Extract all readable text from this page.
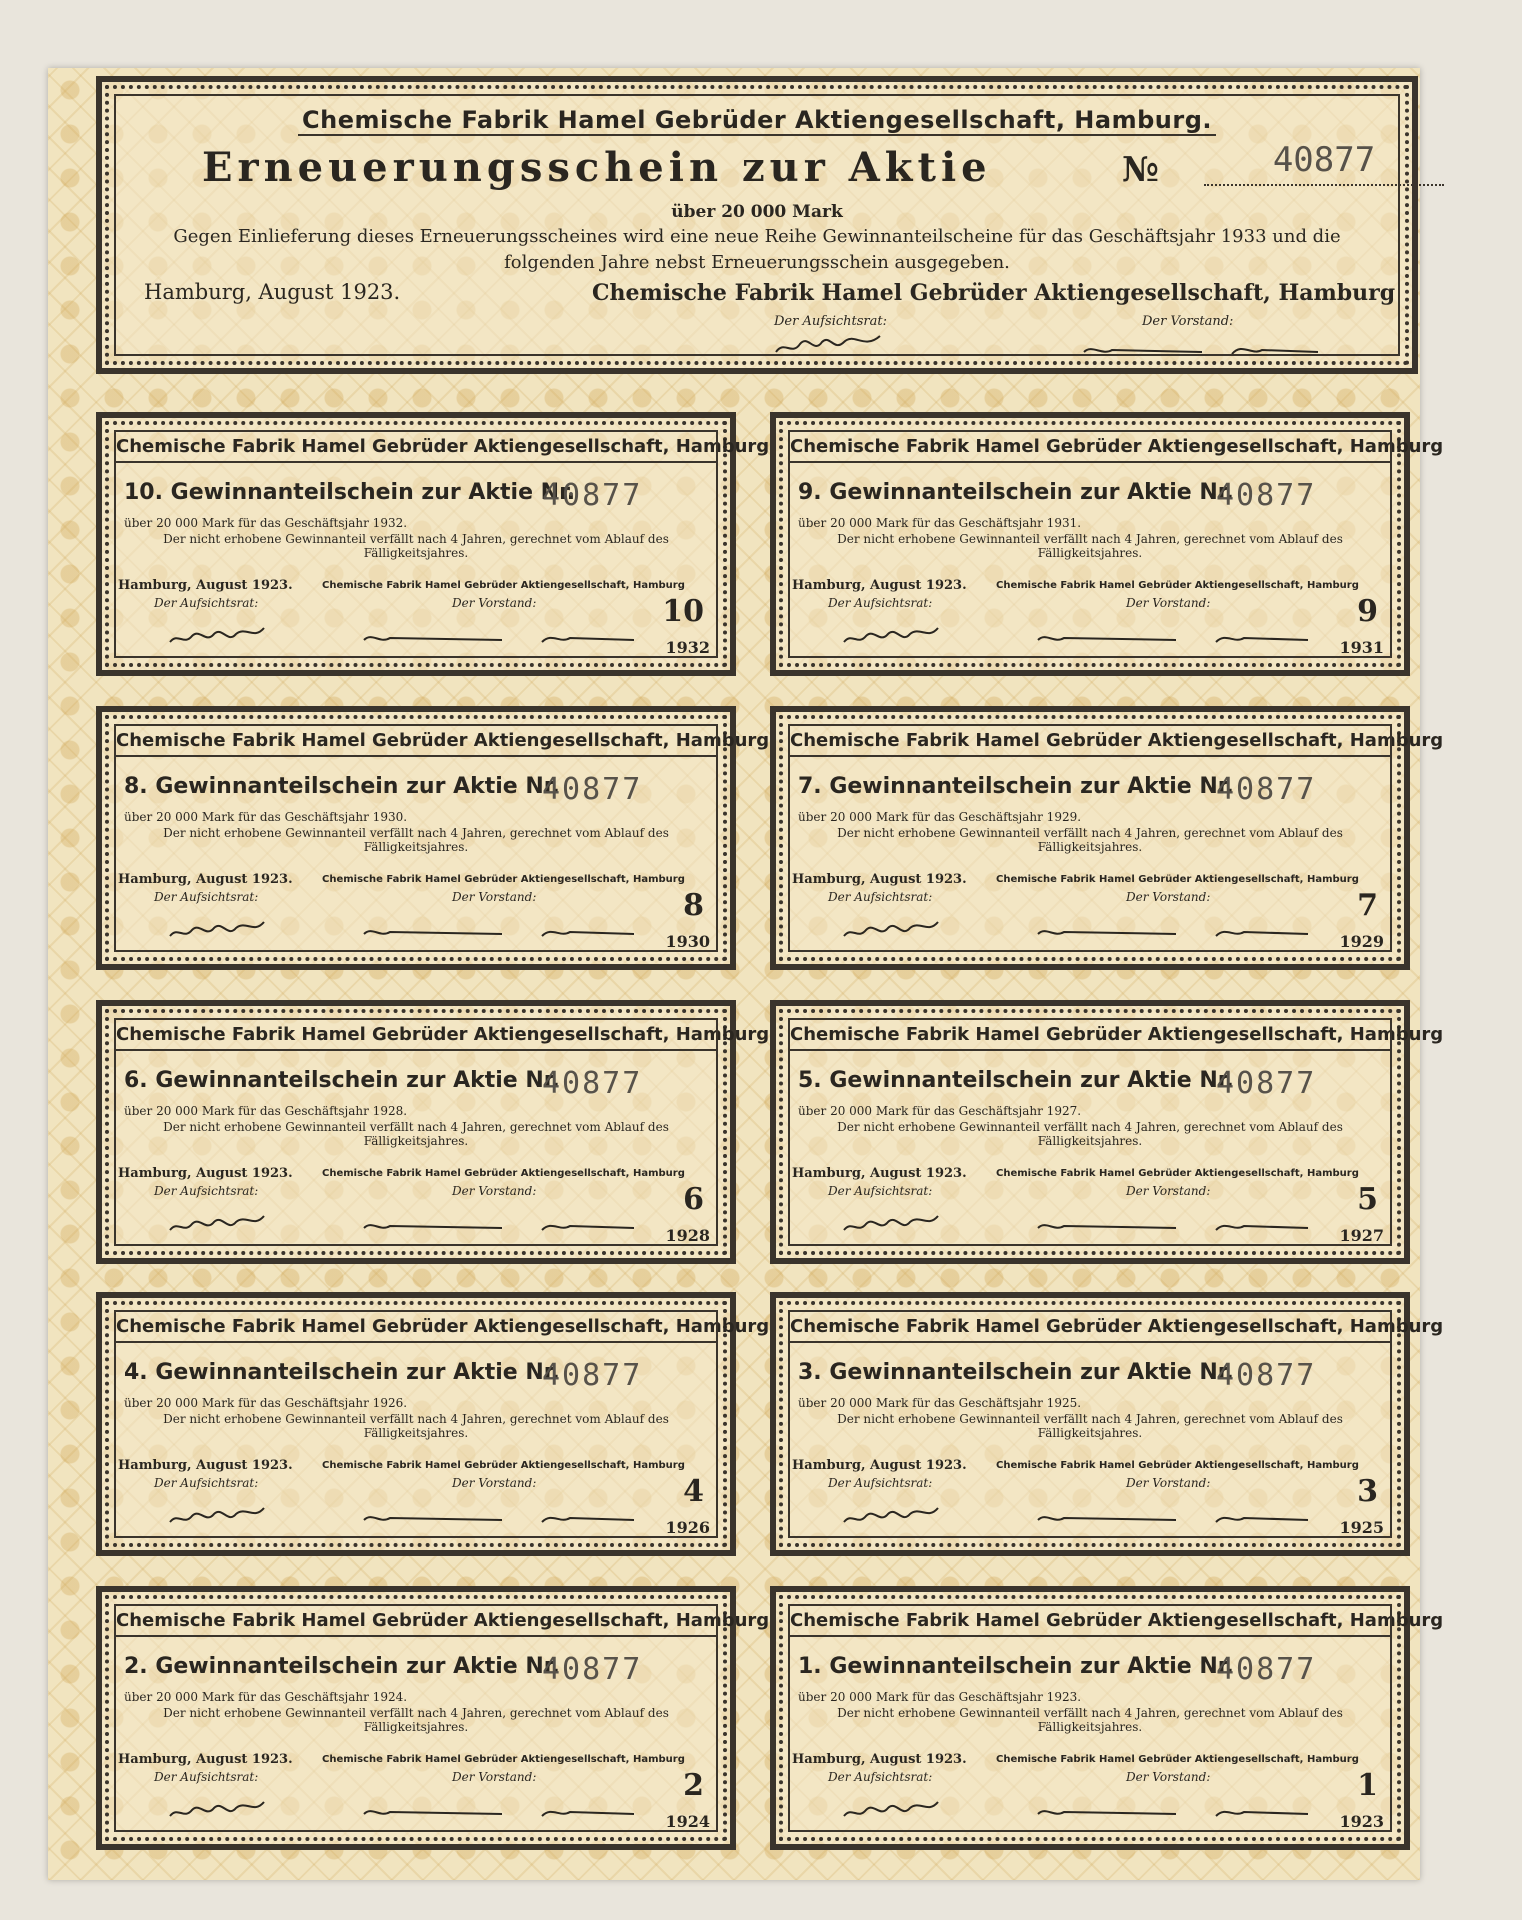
Chemische Fabrik Hamel Gebrüder Aktiengesellschaft, Hamburg.
Erneuerungsschein zur Aktie	№	40877
über 20 000 Mark
Gegen Einlieferung dieses Erneuerungsscheines wird eine neue Reihe Gewinnanteilscheine für das Geschäftsjahr 1933 und die folgenden Jahre nebst Erneuerungsschein ausgegeben.
Hamburg, August 1923.	Chemische Fabrik Hamel Gebrüder Aktiengesellschaft, Hamburg
Der Aufsichtsrat:	Der Vorstand:
Chemische Fabrik Hamel Gebrüder Aktiengesellschaft, Hamburg
10. Gewinnanteilschein zur Aktie Nr.
40877
über 20 000 Mark für das Geschäftsjahr 1932.
Der nicht erhobene Gewinnanteil verfällt nach 4 Jahren, gerechnet vom Ablauf des Fälligkeitsjahres.
Hamburg, August 1923.	Chemische Fabrik Hamel Gebrüder Aktiengesellschaft, Hamburg
Der Aufsichtsrat:	Der Vorstand:	10
1932
Chemische Fabrik Hamel Gebrüder Aktiengesellschaft, Hamburg
9. Gewinnanteilschein zur Aktie Nr.
40877
über 20 000 Mark für das Geschäftsjahr 1931.
Der nicht erhobene Gewinnanteil verfällt nach 4 Jahren, gerechnet vom Ablauf des Fälligkeitsjahres.
Hamburg, August 1923.	Chemische Fabrik Hamel Gebrüder Aktiengesellschaft, Hamburg
Der Aufsichtsrat:	Der Vorstand:	9
1931
Chemische Fabrik Hamel Gebrüder Aktiengesellschaft, Hamburg
8. Gewinnanteilschein zur Aktie Nr.
40877
über 20 000 Mark für das Geschäftsjahr 1930.
Der nicht erhobene Gewinnanteil verfällt nach 4 Jahren, gerechnet vom Ablauf des Fälligkeitsjahres.
Hamburg, August 1923.	Chemische Fabrik Hamel Gebrüder Aktiengesellschaft, Hamburg
Der Aufsichtsrat:	Der Vorstand:	8
1930
Chemische Fabrik Hamel Gebrüder Aktiengesellschaft, Hamburg
7. Gewinnanteilschein zur Aktie Nr.
40877
über 20 000 Mark für das Geschäftsjahr 1929.
Der nicht erhobene Gewinnanteil verfällt nach 4 Jahren, gerechnet vom Ablauf des Fälligkeitsjahres.
Hamburg, August 1923.	Chemische Fabrik Hamel Gebrüder Aktiengesellschaft, Hamburg
Der Aufsichtsrat:	Der Vorstand:	7
1929
Chemische Fabrik Hamel Gebrüder Aktiengesellschaft, Hamburg
6. Gewinnanteilschein zur Aktie Nr.
40877
über 20 000 Mark für das Geschäftsjahr 1928.
Der nicht erhobene Gewinnanteil verfällt nach 4 Jahren, gerechnet vom Ablauf des Fälligkeitsjahres.
Hamburg, August 1923.	Chemische Fabrik Hamel Gebrüder Aktiengesellschaft, Hamburg
Der Aufsichtsrat:	Der Vorstand:	6
1928
Chemische Fabrik Hamel Gebrüder Aktiengesellschaft, Hamburg
5. Gewinnanteilschein zur Aktie Nr.
40877
über 20 000 Mark für das Geschäftsjahr 1927.
Der nicht erhobene Gewinnanteil verfällt nach 4 Jahren, gerechnet vom Ablauf des Fälligkeitsjahres.
Hamburg, August 1923.	Chemische Fabrik Hamel Gebrüder Aktiengesellschaft, Hamburg
Der Aufsichtsrat:	Der Vorstand:	5
1927
Chemische Fabrik Hamel Gebrüder Aktiengesellschaft, Hamburg
4. Gewinnanteilschein zur Aktie Nr.
40877
über 20 000 Mark für das Geschäftsjahr 1926.
Der nicht erhobene Gewinnanteil verfällt nach 4 Jahren, gerechnet vom Ablauf des Fälligkeitsjahres.
Hamburg, August 1923.	Chemische Fabrik Hamel Gebrüder Aktiengesellschaft, Hamburg
Der Aufsichtsrat:	Der Vorstand:	4
1926
Chemische Fabrik Hamel Gebrüder Aktiengesellschaft, Hamburg
3. Gewinnanteilschein zur Aktie Nr.
40877
über 20 000 Mark für das Geschäftsjahr 1925.
Der nicht erhobene Gewinnanteil verfällt nach 4 Jahren, gerechnet vom Ablauf des Fälligkeitsjahres.
Hamburg, August 1923.	Chemische Fabrik Hamel Gebrüder Aktiengesellschaft, Hamburg
Der Aufsichtsrat:	Der Vorstand:	3
1925
Chemische Fabrik Hamel Gebrüder Aktiengesellschaft, Hamburg
2. Gewinnanteilschein zur Aktie Nr.
40877
über 20 000 Mark für das Geschäftsjahr 1924.
Der nicht erhobene Gewinnanteil verfällt nach 4 Jahren, gerechnet vom Ablauf des Fälligkeitsjahres.
Hamburg, August 1923.	Chemische Fabrik Hamel Gebrüder Aktiengesellschaft, Hamburg
Der Aufsichtsrat:	Der Vorstand:	2
1924
Chemische Fabrik Hamel Gebrüder Aktiengesellschaft, Hamburg
1. Gewinnanteilschein zur Aktie Nr.
40877
über 20 000 Mark für das Geschäftsjahr 1923.
Der nicht erhobene Gewinnanteil verfällt nach 4 Jahren, gerechnet vom Ablauf des Fälligkeitsjahres.
Hamburg, August 1923.	Chemische Fabrik Hamel Gebrüder Aktiengesellschaft, Hamburg
Der Aufsichtsrat:	Der Vorstand:	1
1923
